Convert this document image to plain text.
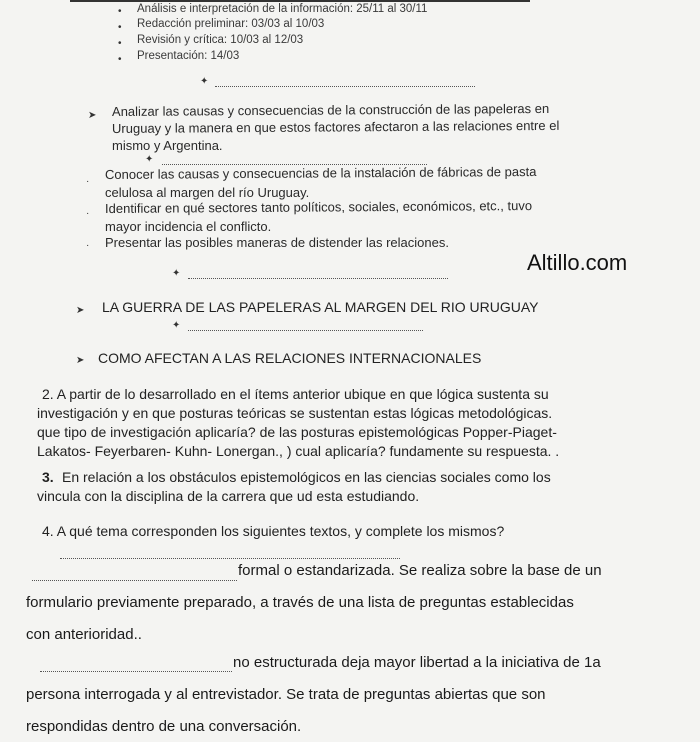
• Análisis e interpretación de la información: 25/11 al 30/11
• Redacción preliminar: 03/03 al 10/03
• Revisión y crítica: 10/03 al 12/03
• Presentación: 14/03
✦
➤ Analizar las causas y consecuencias de la construcción de las papeleras en
Uruguay y la manera en que estos factores afectaron a las relaciones entre el
mismo y Argentina.
✦
· Conocer las causas y consecuencias de la instalación de fábricas de pasta
celulosa al margen del río Uruguay.
· Identificar en qué sectores tanto políticos, sociales, económicos, etc., tuvo
mayor incidencia el conflicto.
· Presentar las posibles maneras de distender las relaciones.
Altillo.com
✦
➤ LA GUERRA DE LAS PAPELERAS AL MARGEN DEL RIO URUGUAY
✦
➤ COMO AFECTAN A LAS RELACIONES INTERNACIONALES
2. A partir de lo desarrollado en el ítems anterior ubique en que lógica sustenta su
investigación y en que posturas teóricas se sustentan estas lógicas metodológicas.
que tipo de investigación aplicaría? de las posturas epistemológicas Popper-Piaget-
Lakatos- Feyerbaren- Kuhn- Lonergan., ) cual aplicaría? fundamente su respuesta. .
3. En relación a los obstáculos epistemológicos en las ciencias sociales como los
vincula con la disciplina de la carrera que ud esta estudiando.
4. A qué tema corresponden los siguientes textos, y complete los mismos?
formal o estandarizada. Se realiza sobre la base de un
formulario previamente preparado, a través de una lista de preguntas establecidas
con anterioridad..
no estructurada deja mayor libertad a la iniciativa de 1a
persona interrogada y al entrevistador. Se trata de preguntas abiertas que son
respondidas dentro de una conversación.
